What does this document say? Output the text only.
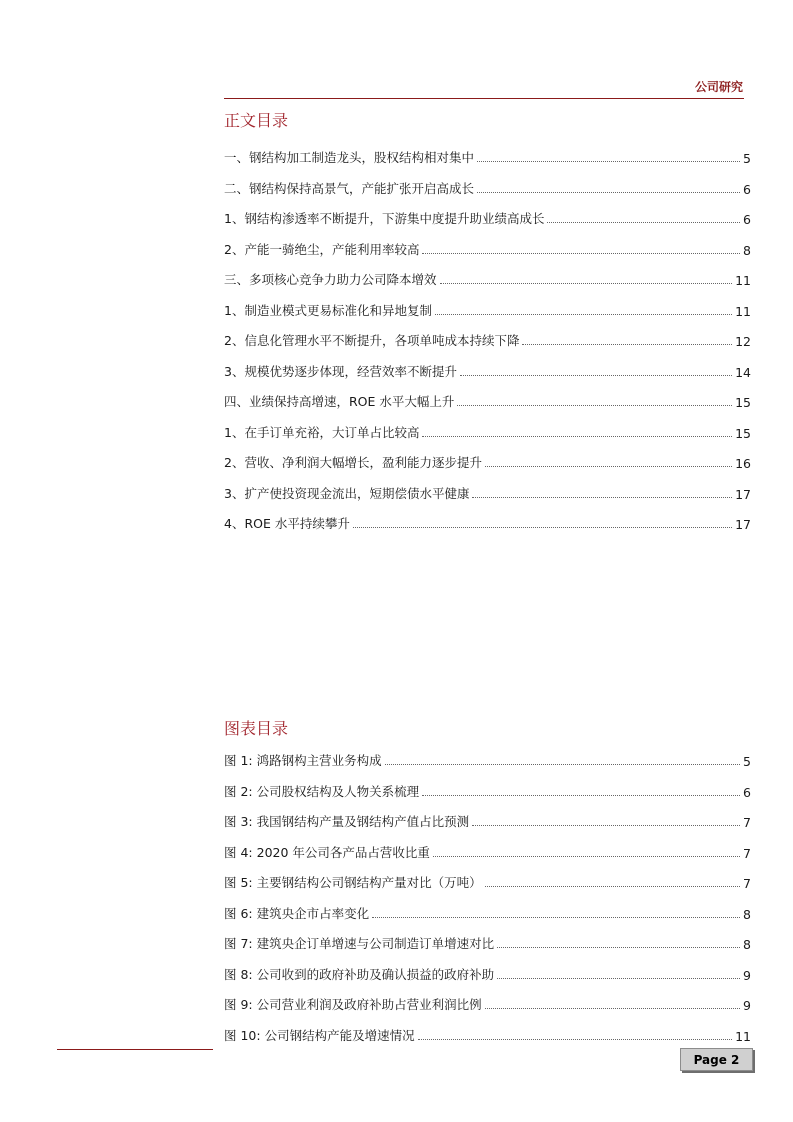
公司研究
正文目录
一、钢结构加工制造龙头，股权结构相对集中	5
二、钢结构保持高景气，产能扩张开启高成长	6
1、钢结构渗透率不断提升，下游集中度提升助业绩高成长	6
2、产能一骑绝尘，产能利用率较高	8
三、多项核心竞争力助力公司降本增效	11
1、制造业模式更易标准化和异地复制	11
2、信息化管理水平不断提升，各项单吨成本持续下降	12
3、规模优势逐步体现，经营效率不断提升	14
四、业绩保持高增速，ROE 水平大幅上升	15
1、在手订单充裕，大订单占比较高	15
2、营收、净利润大幅增长，盈利能力逐步提升	16
3、扩产使投资现金流出，短期偿债水平健康	17
4、ROE 水平持续攀升	17
图表目录
图 1: 鸿路钢构主营业务构成	5
图 2: 公司股权结构及人物关系梳理	6
图 3: 我国钢结构产量及钢结构产值占比预测	7
图 4: 2020 年公司各产品占营收比重	7
图 5: 主要钢结构公司钢结构产量对比（万吨）	7
图 6: 建筑央企市占率变化	8
图 7: 建筑央企订单增速与公司制造订单增速对比	8
图 8: 公司收到的政府补助及确认损益的政府补助	9
图 9: 公司营业利润及政府补助占营业利润比例	9
图 10: 公司钢结构产能及增速情况	11
Page 2
